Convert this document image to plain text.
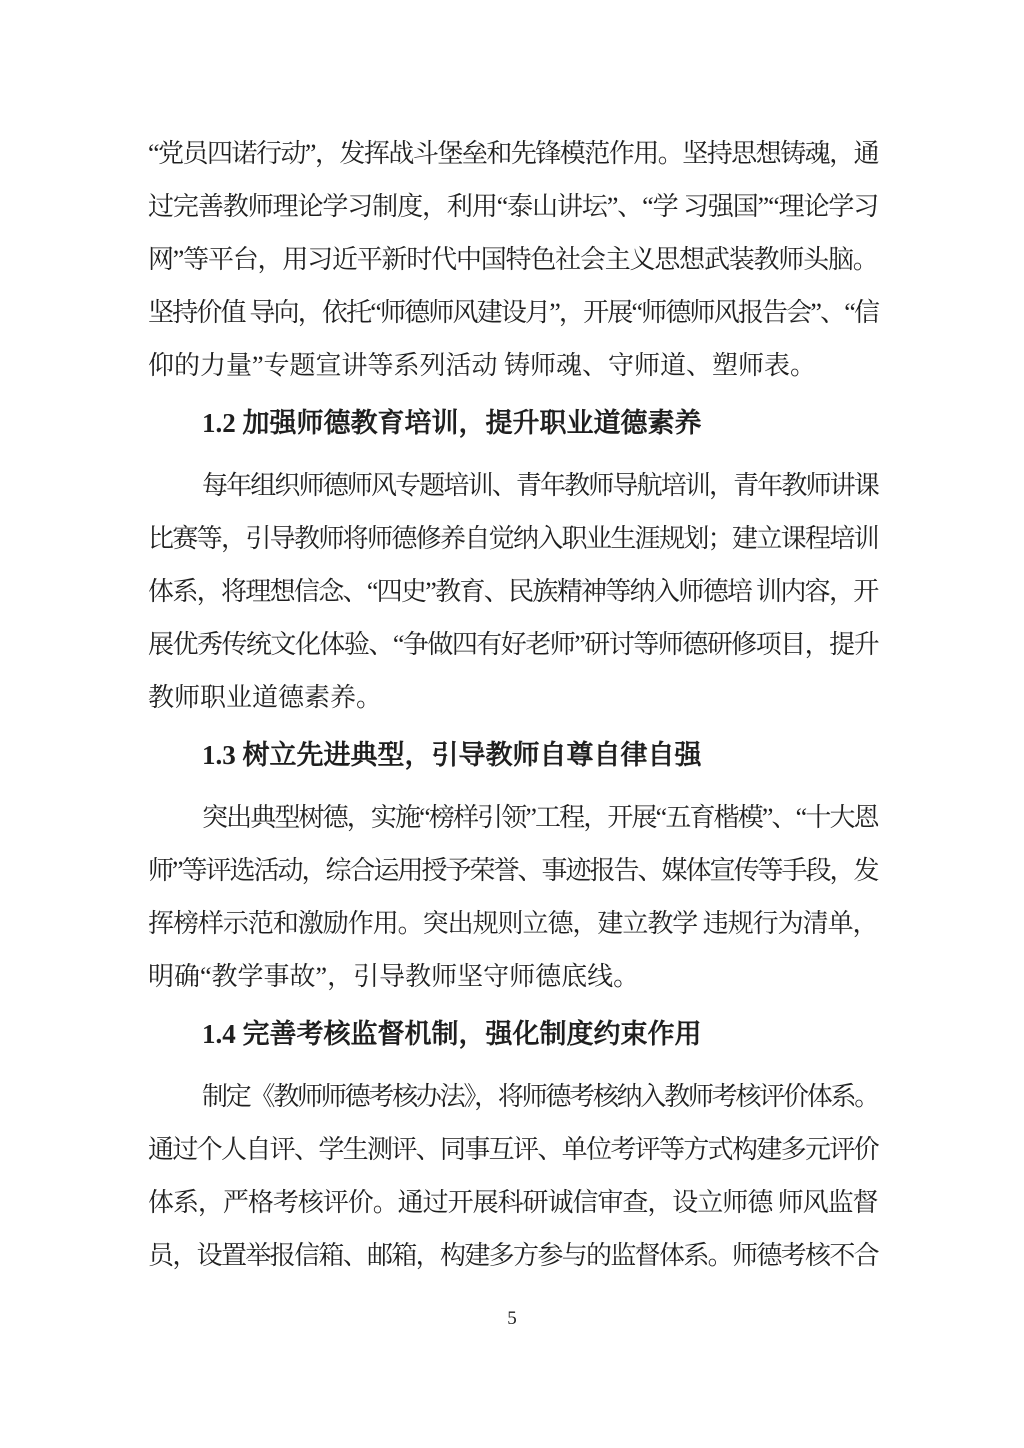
“党员四诺行动”，发挥战斗堡垒和先锋模范作用。坚持思想铸魂，通
过完善教师理论学习制度，利用“泰山讲坛”、“学 习强国”“理论学习
网”等平台，用习近平新时代中国特色社会主义思想武装教师头脑。
坚持价值 导向，依托“师德师风建设月”，开展“师德师风报告会”、“信
仰的力量”专题宣讲等系列活动 铸师魂、守师道、塑师表。
1.2 加强师德教育培训，提升职业道德素养
每年组织师德师风专题培训、青年教师导航培训，青年教师讲课
比赛等，引导教师将师德修养自觉纳入职业生涯规划；建立课程培训
体系，将理想信念、“四史”教育、民族精神等纳入师德培 训内容，开
展优秀传统文化体验、“争做四有好老师”研讨等师德研修项目，提升
教师职业道德素养。
1.3 树立先进典型，引导教师自尊自律自强
突出典型树德，实施“榜样引领”工程，开展“五育楷模”、“十大恩
师”等评选活动，综合运用授予荣誉、事迹报告、媒体宣传等手段，发
挥榜样示范和激励作用。突出规则立德，建立教学 违规行为清单，
明确“教学事故”，引导教师坚守师德底线。
1.4 完善考核监督机制，强化制度约束作用
制定《教师师德考核办法》，将师德考核纳入教师考核评价体系。
通过个人自评、学生测评、同事互评、单位考评等方式构建多元评价
体系，严格考核评价。通过开展科研诚信审查，设立师德 师风监督
员，设置举报信箱、邮箱，构建多方参与的监督体系。师德考核不合
5
